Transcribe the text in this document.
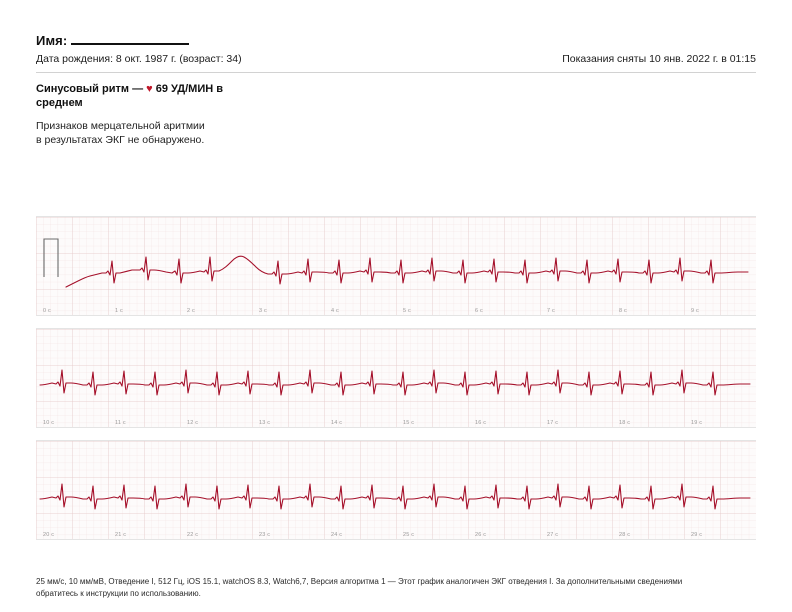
Имя:
Дата рождения: 8 окт. 1987 г. (возраст: 34)	Показания сняты 10 янв. 2022 г. в 01:15
Синусовый ритм — ♥ 69 УД/МИН в среднем
Признаков мерцательной аритмии
в результатах ЭКГ не обнаружено.
0 с	1 с	2 с	3 с	4 с	5 с	6 с	7 с	8 с	9 с
10 с	11 с	12 с	13 с	14 с	15 с	16 с	17 с	18 с	19 с
20 с	21 с	22 с	23 с	24 с	25 с	26 с	27 с	28 с	29 с
25 мм/с, 10 мм/мВ, Отведение I, 512 Гц, iOS 15.1, watchOS 8.3, Watch6,7, Версия алгоритма 1 — Этот график аналогичен ЭКГ отведения I. За дополнительными сведениями
обратитесь к инструкции по использованию.
